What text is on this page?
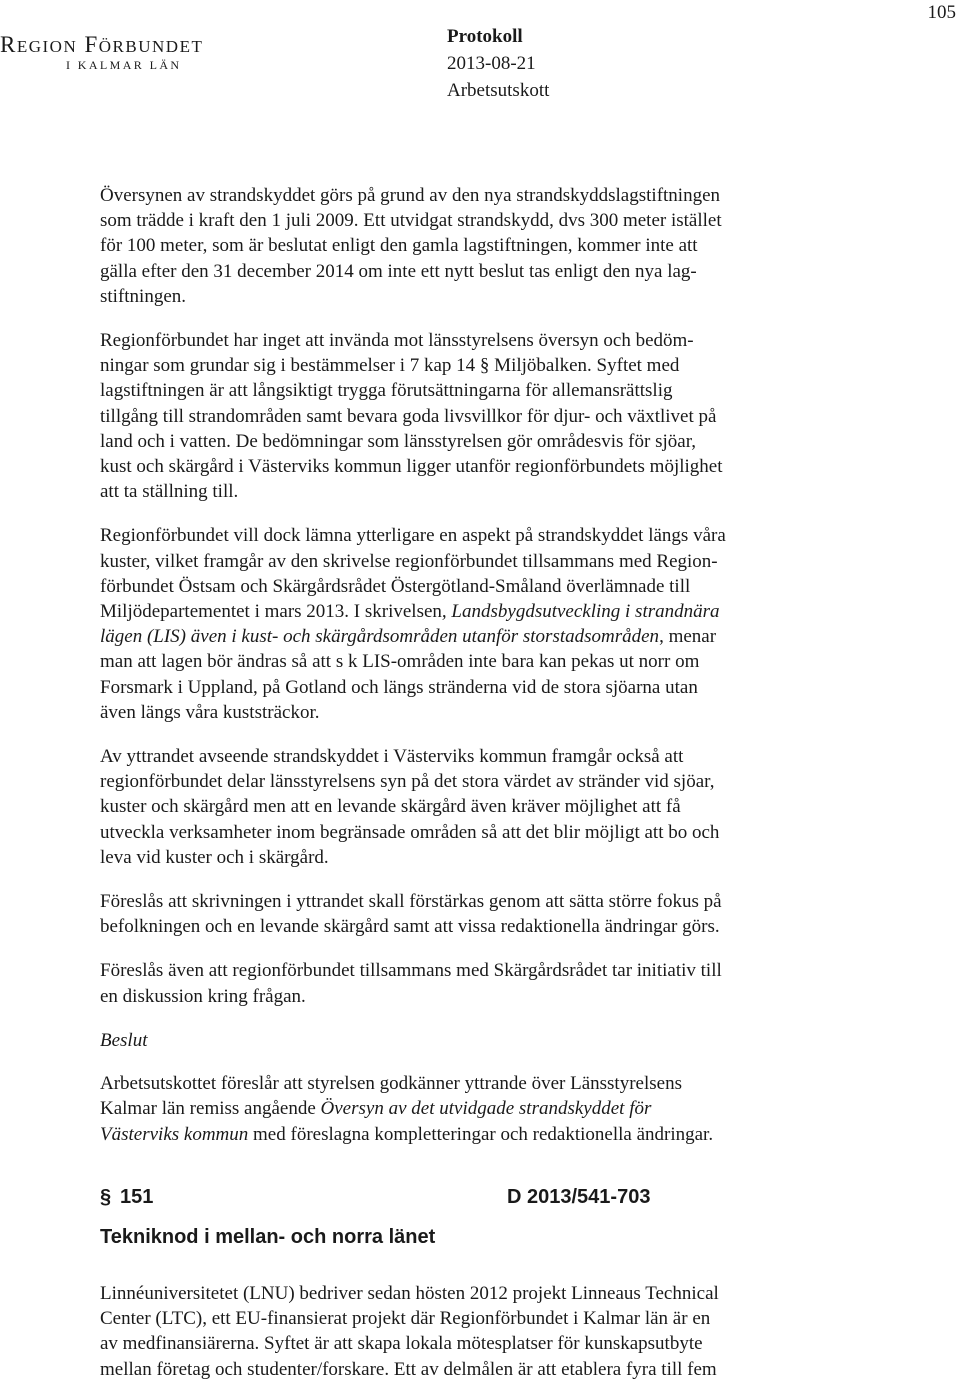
105
REGION FÖRBUNDET
I KALMAR LÄN
Protokoll
2013-08-21
Arbetsutskott

Översynen av strandskyddet görs på grund av den nya strandskyddslagstiftningen
som trädde i kraft den 1 juli 2009. Ett utvidgat strandskydd, dvs 300 meter istället
för 100 meter, som är beslutat enligt den gamla lagstiftningen, kommer inte att
gälla efter den 31 december 2014 om inte ett nytt beslut tas enligt den nya lag-
stiftningen.

Regionförbundet har inget att invända mot länsstyrelsens översyn och bedöm-
ningar som grundar sig i bestämmelser i 7 kap 14 § Miljöbalken. Syftet med
lagstiftningen är att långsiktigt trygga förutsättningarna för allemansrättslig
tillgång till strandområden samt bevara goda livsvillkor för djur- och växtlivet på
land och i vatten. De bedömningar som länsstyrelsen gör områdesvis för sjöar,
kust och skärgård i Västerviks kommun ligger utanför regionförbundets möjlighet
att ta ställning till.

Regionförbundet vill dock lämna ytterligare en aspekt på strandskyddet längs våra
kuster, vilket framgår av den skrivelse regionförbundet tillsammans med Region-
förbundet Östsam och Skärgårdsrådet Östergötland-Småland överlämnade till
Miljödepartementet i mars 2013. I skrivelsen, Landsbygdsutveckling i strandnära
lägen (LIS) även i kust- och skärgårdsområden utanför storstadsområden, menar
man att lagen bör ändras så att s k LIS-områden inte bara kan pekas ut norr om
Forsmark i Uppland, på Gotland och längs stränderna vid de stora sjöarna utan
även längs våra kuststräckor.

Av yttrandet avseende strandskyddet i Västerviks kommun framgår också att
regionförbundet delar länsstyrelsens syn på det stora värdet av stränder vid sjöar,
kuster och skärgård men att en levande skärgård även kräver möjlighet att få
utveckla verksamheter inom begränsade områden så att det blir möjligt att bo och
leva vid kuster och i skärgård.

Föreslås att skrivningen i yttrandet skall förstärkas genom att sätta större fokus på
befolkningen och en levande skärgård samt att vissa redaktionella ändringar görs.

Föreslås även att regionförbundet tillsammans med Skärgårdsrådet tar initiativ till
en diskussion kring frågan.

Beslut

Arbetsutskottet föreslår att styrelsen godkänner yttrande över Länsstyrelsens
Kalmar län remiss angående Översyn av det utvidgade strandskyddet för
Västerviks kommun med föreslagna kompletteringar och redaktionella ändringar.

§ 151	D 2013/541-703
Tekniknod i mellan- och norra länet
Linnéuniversitetet (LNU) bedriver sedan hösten 2012 projekt Linneaus Technical
Center (LTC), ett EU-finansierat projekt där Regionförbundet i Kalmar län är en
av medfinansiärerna. Syftet är att skapa lokala mötesplatser för kunskapsutbyte
mellan företag och studenter/forskare. Ett av delmålen är att etablera fyra till fem
